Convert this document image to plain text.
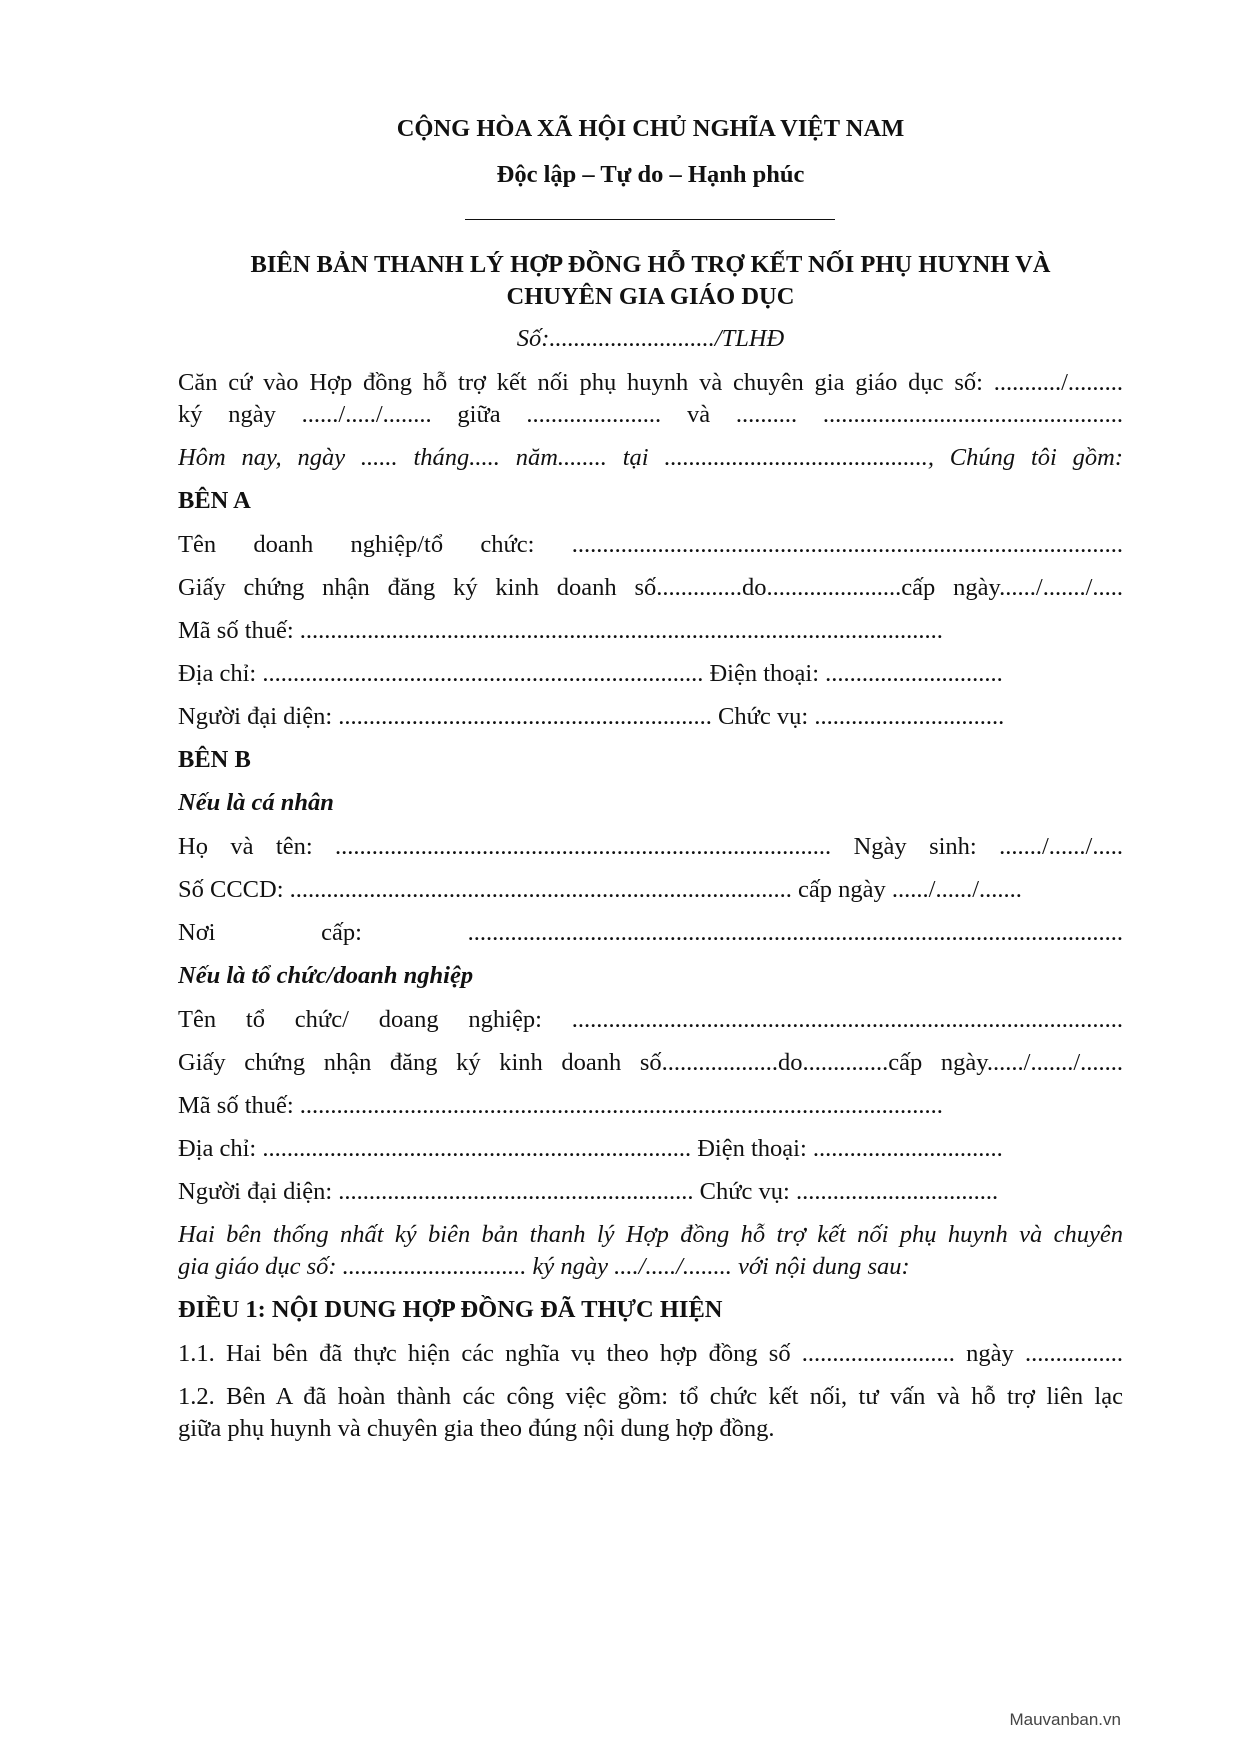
CỘNG HÒA XÃ HỘI CHỦ NGHĨA VIỆT NAM
Độc lập – Tự do – Hạnh phúc
BIÊN BẢN THANH LÝ HỢP ĐỒNG HỖ TRỢ KẾT NỐI PHỤ HUYNH VÀ
CHUYÊN GIA GIÁO DỤC
Số:.........................../TLHĐ
Căn cứ vào Hợp đồng hỗ trợ kết nối phụ huynh và chuyên gia giáo dục số: .........../.........
ký ngày ....../...../........ giữa ...................... và .......... .................................................
Hôm nay, ngày ...... tháng..... năm........ tại ..........................................., Chúng tôi gồm:
BÊN A
Tên doanh nghiệp/tổ chức: ..........................................................................................
Giấy chứng nhận đăng ký kinh doanh số..............do......................cấp ngày....../......./.....
Mã số thuế: .........................................................................................................
Địa chỉ: ........................................................................ Điện thoại: .............................
Người đại diện: ............................................................. Chức vụ: ...............................
BÊN B
Nếu là cá nhân
Họ và tên: ................................................................................. Ngày sinh: ......./....../.....
Số CCCD: .................................................................................. cấp ngày ....../....../.......
Nơi cấp: ...........................................................................................................
Nếu là tổ chức/doanh nghiệp
Tên tổ chức/ doang nghiệp: ..........................................................................................
Giấy chứng nhận đăng ký kinh doanh số...................do..............cấp ngày....../......./.......
Mã số thuế: .........................................................................................................
Địa chỉ: ...................................................................... Điện thoại: ...............................
Người đại diện: .......................................................... Chức vụ: .................................
Hai bên thống nhất ký biên bản thanh lý Hợp đồng hỗ trợ kết nối phụ huynh và chuyên
gia giáo dục số: .............................. ký ngày ..../...../........ với nội dung sau:
ĐIỀU 1: NỘI DUNG HỢP ĐỒNG ĐÃ THỰC HIỆN
1.1. Hai bên đã thực hiện các nghĩa vụ theo hợp đồng số ......................... ngày ................
1.2. Bên A đã hoàn thành các công việc gồm: tổ chức kết nối, tư vấn và hỗ trợ liên lạc
giữa phụ huynh và chuyên gia theo đúng nội dung hợp đồng.
Mauvanban.vn
